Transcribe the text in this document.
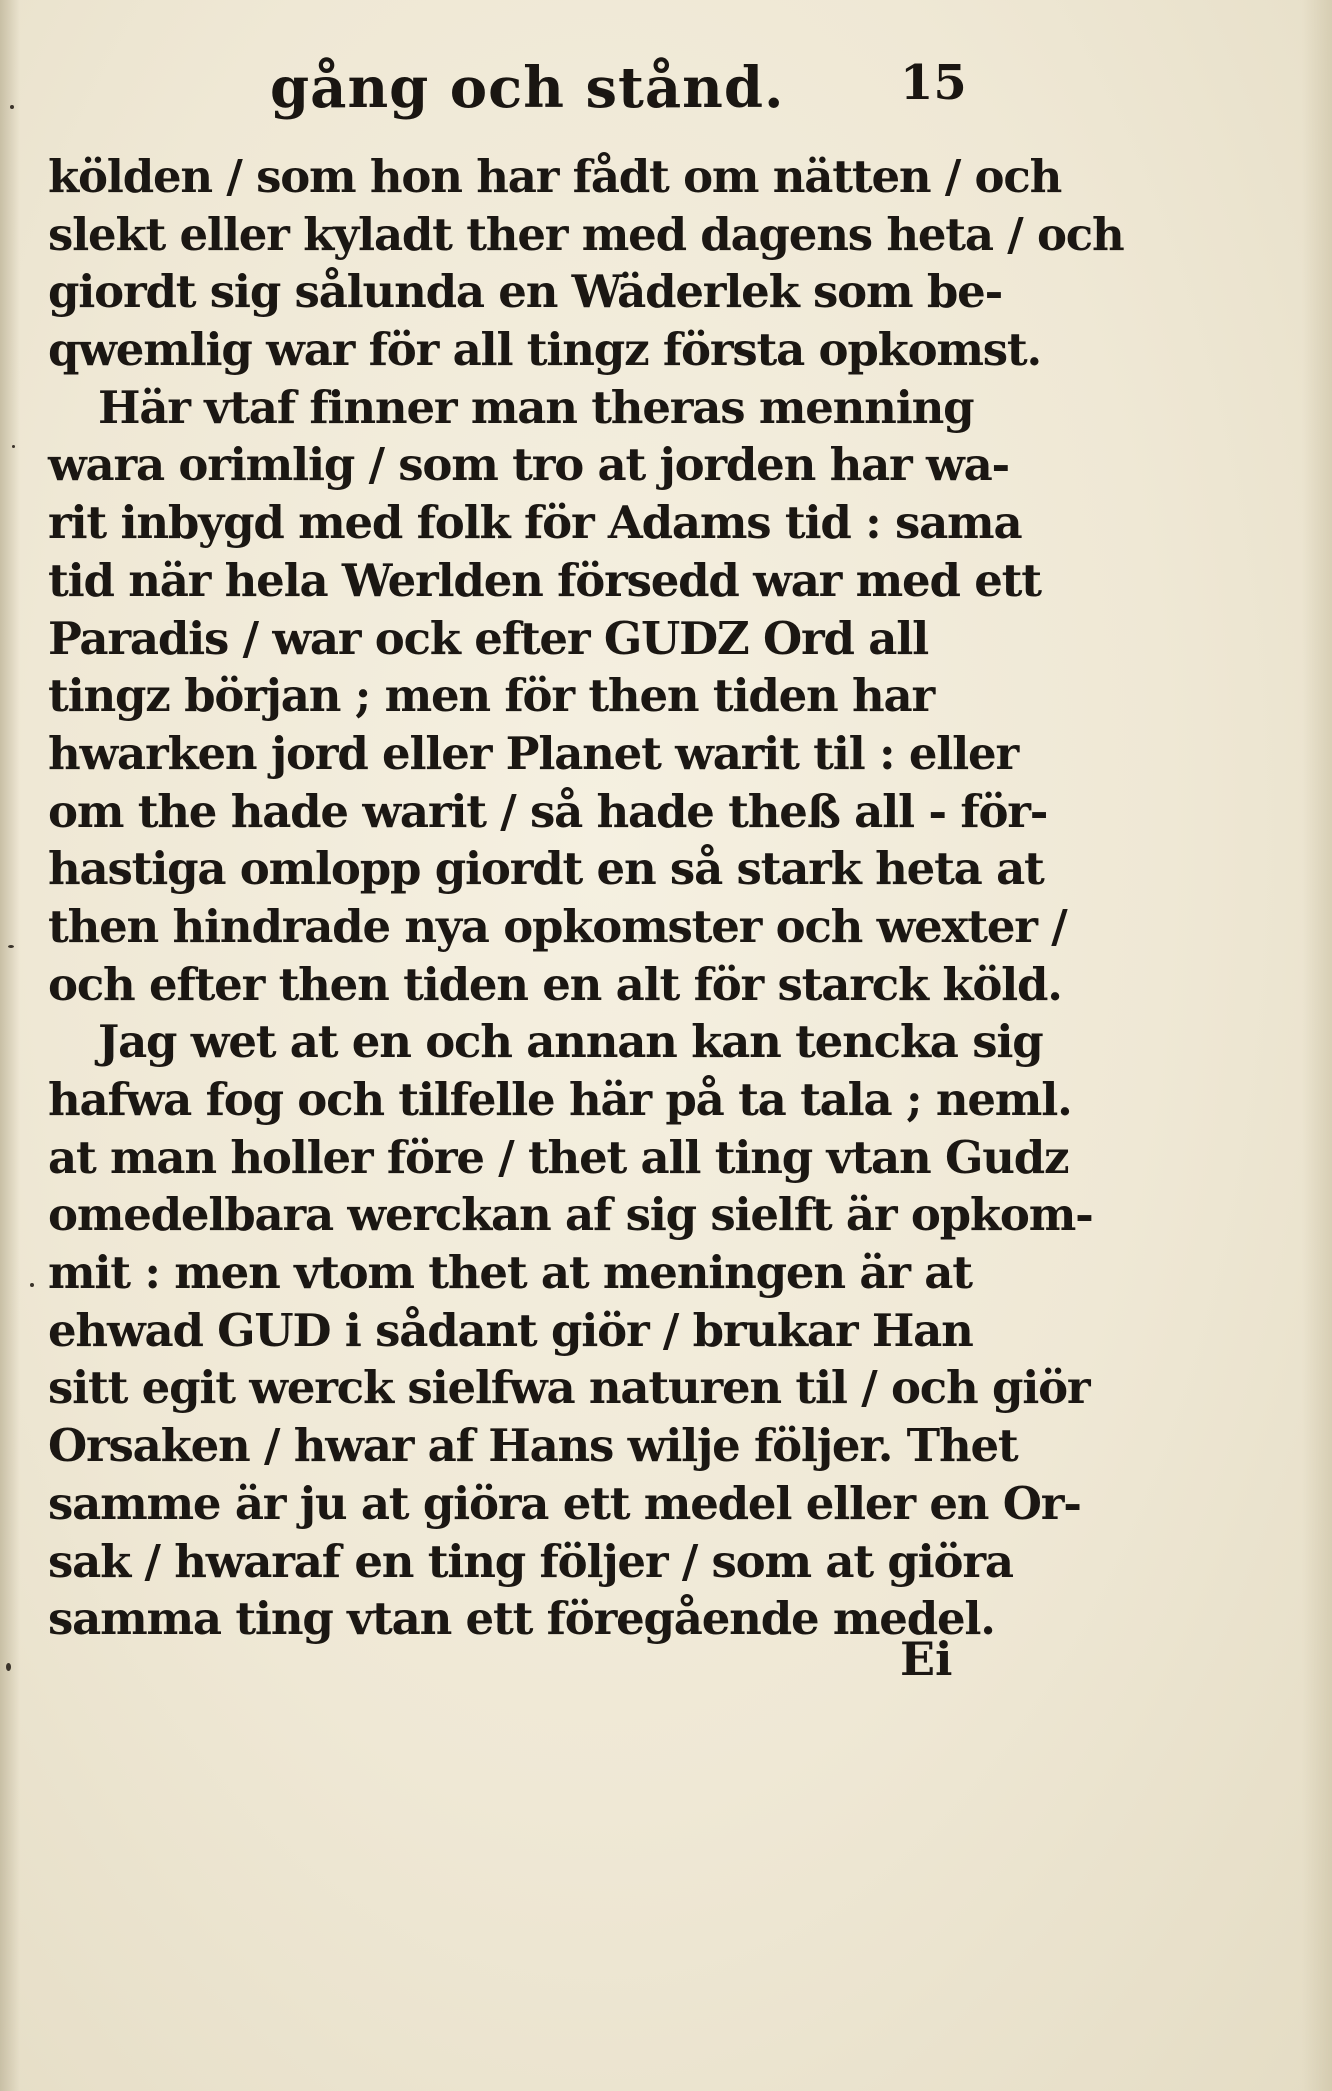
gång och stånd. 15
kölden / som hon har fådt om nätten / och
slekt eller kyladt ther med dagens heta / och
giordt sig sålunda en Wäderlek som be-
qwemlig war för all tingz första opkomst.
Här vtaf finner man theras menning
wara orimlig / som tro at jorden har wa-
rit inbygd med folk för Adams tid : sama
tid när hela Werlden försedd war med ett
Paradis / war ock efter GUDZ Ord all
tingz början ; men för then tiden har
hwarken jord eller Planet warit til : eller
om the hade warit / så hade theß all - för-
hastiga omlopp giordt en så stark heta at
then hindrade nya opkomster och wexter /
och efter then tiden en alt för starck köld.
Jag wet at en och annan kan tencka sig
hafwa fog och tilfelle här på ta tala ; neml.
at man holler före / thet all ting vtan Gudz
omedelbara werckan af sig sielft är opkom-
mit : men vtom thet at meningen är at
ehwad GUD i sådant giör / brukar Han
sitt egit werck sielfwa naturen til / och giör
Orsaken / hwar af Hans wilje följer. Thet
samme är ju at giöra ett medel eller en Or-
sak / hwaraf en ting följer / som at giöra
samma ting vtan ett föregående medel.
Ei
